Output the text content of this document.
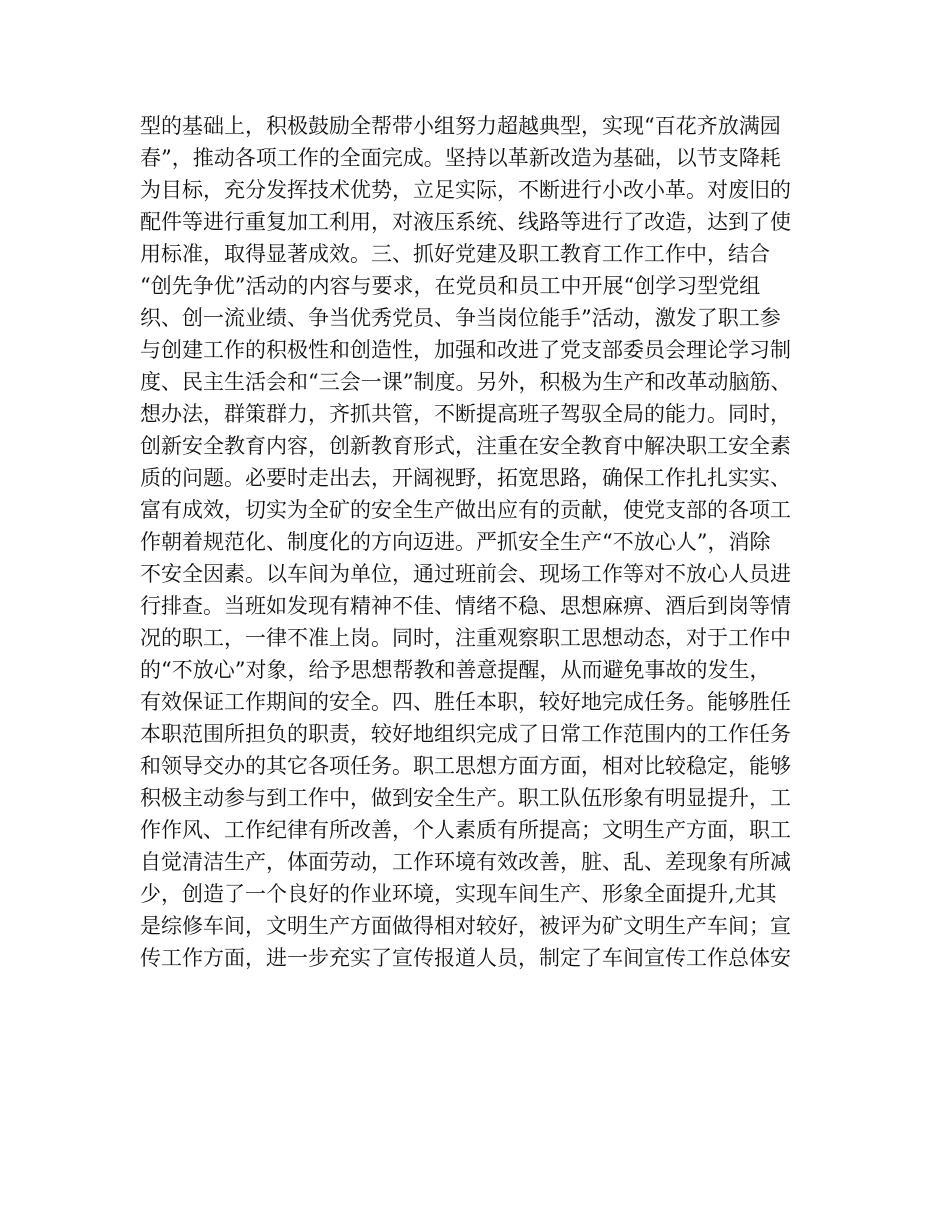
型的基础上，积极鼓励全帮带小组努力超越典型，实现“百花齐放满园
春”，推动各项工作的全面完成。坚持以革新改造为基础，以节支降耗
为目标，充分发挥技术优势，立足实际，不断进行小改小革。对废旧的
配件等进行重复加工利用，对液压系统、线路等进行了改造，达到了使
用标准，取得显著成效。三、抓好党建及职工教育工作工作中，结合
“创先争优”活动的内容与要求，在党员和员工中开展“创学习型党组
织、创一流业绩、争当优秀党员、争当岗位能手”活动，激发了职工参
与创建工作的积极性和创造性，加强和改进了党支部委员会理论学习制
度、民主生活会和“三会一课”制度。另外，积极为生产和改革动脑筋、
想办法，群策群力，齐抓共管，不断提高班子驾驭全局的能力。同时，
创新安全教育内容，创新教育形式，注重在安全教育中解决职工安全素
质的问题。必要时走出去，开阔视野，拓宽思路，确保工作扎扎实实、
富有成效，切实为全矿的安全生产做出应有的贡献，使党支部的各项工
作朝着规范化、制度化的方向迈进。严抓安全生产“不放心人”，消除
不安全因素。以车间为单位，通过班前会、现场工作等对不放心人员进
行排查。当班如发现有精神不佳、情绪不稳、思想麻痹、酒后到岗等情
况的职工，一律不准上岗。同时，注重观察职工思想动态，对于工作中
的“不放心”对象，给予思想帮教和善意提醒，从而避免事故的发生，
有效保证工作期间的安全。四、胜任本职，较好地完成任务。能够胜任
本职范围所担负的职责，较好地组织完成了日常工作范围内的工作任务
和领导交办的其它各项任务。职工思想方面方面，相对比较稳定，能够
积极主动参与到工作中，做到安全生产。职工队伍形象有明显提升，工
作作风、工作纪律有所改善，个人素质有所提高；文明生产方面，职工
自觉清洁生产，体面劳动，工作环境有效改善，脏、乱、差现象有所减
少，创造了一个良好的作业环境，实现车间生产、形象全面提升,尤其
是综修车间，文明生产方面做得相对较好，被评为矿文明生产车间；宣
传工作方面，进一步充实了宣传报道人员，制定了车间宣传工作总体安
